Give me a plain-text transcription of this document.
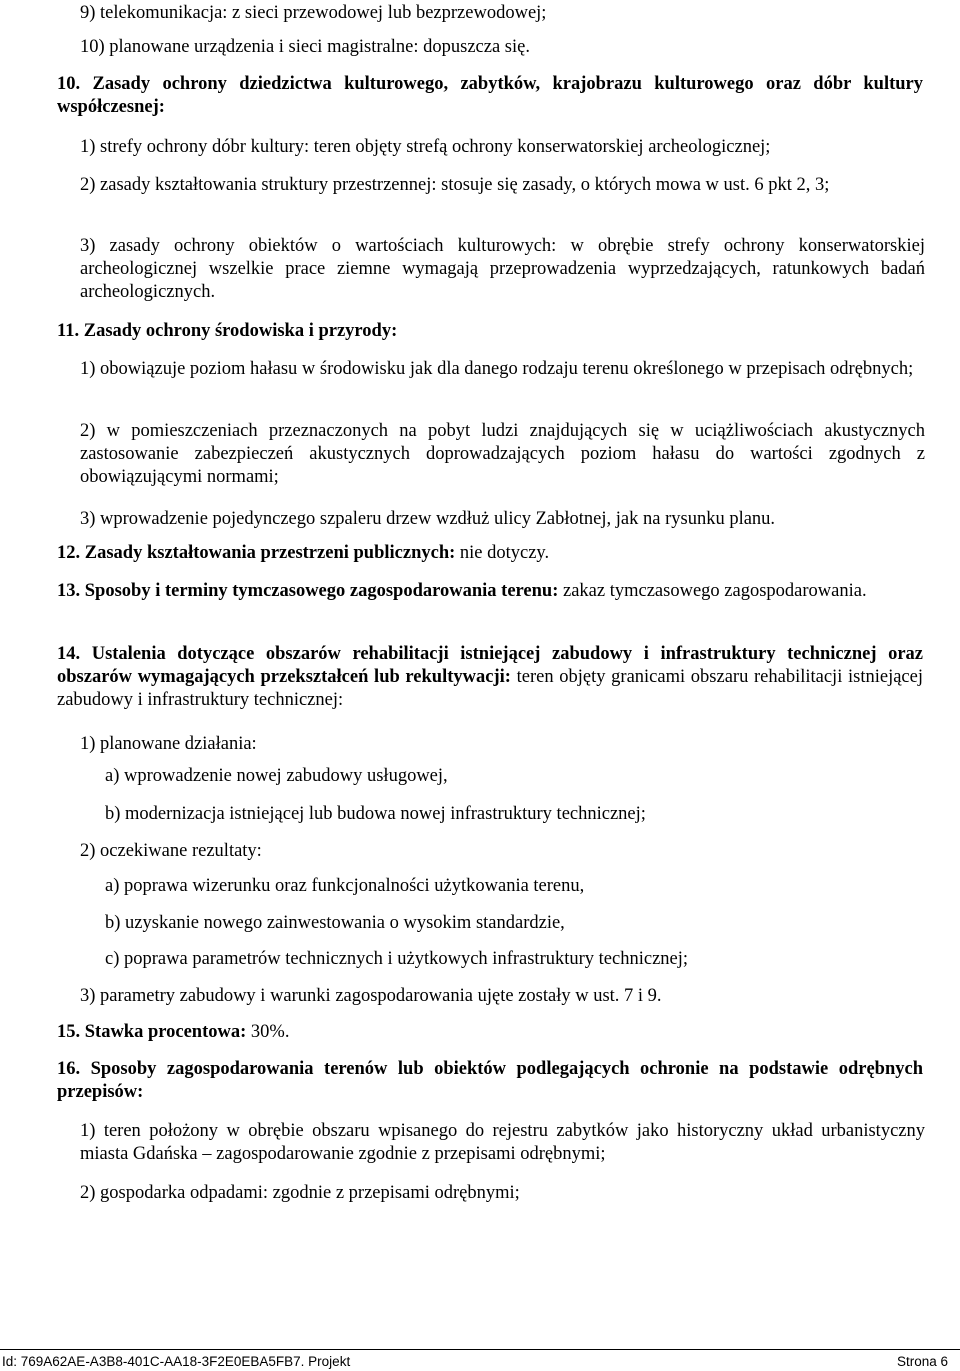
9) telekomunikacja: z sieci przewodowej lub bezprzewodowej;

10) planowane urządzenia i sieci magistralne: dopuszcza się.

10. Zasady ochrony dziedzictwa kulturowego, zabytków, krajobrazu kulturowego oraz dóbr kultury współczesnej:

1) strefy ochrony dóbr kultury: teren objęty strefą ochrony konserwatorskiej archeologicznej;

2) zasady kształtowania struktury przestrzennej: stosuje się zasady, o których mowa w ust. 6 pkt 2, 3;

3) zasady ochrony obiektów o wartościach kulturowych: w obrębie strefy ochrony konserwatorskiej archeologicznej wszelkie prace ziemne wymagają przeprowadzenia wyprzedzających, ratunkowych badań archeologicznych.

11. Zasady ochrony środowiska i przyrody:

1) obowiązuje poziom hałasu w środowisku jak dla danego rodzaju terenu określonego w przepisach odrębnych;

2) w pomieszczeniach przeznaczonych na pobyt ludzi znajdujących się w uciążliwościach akustycznych zastosowanie zabezpieczeń akustycznych doprowadzających poziom hałasu do wartości zgodnych z obowiązującymi normami;

3) wprowadzenie pojedynczego szpaleru drzew wzdłuż ulicy Zabłotnej, jak na rysunku planu.

12. Zasady kształtowania przestrzeni publicznych: nie dotyczy.
13. Sposoby i terminy tymczasowego zagospodarowania terenu: zakaz tymczasowego zagospodarowania.
14. Ustalenia dotyczące obszarów rehabilitacji istniejącej zabudowy i infrastruktury technicznej oraz obszarów wymagających przekształceń lub rekultywacji: teren objęty granicami obszaru rehabilitacji istniejącej zabudowy i infrastruktury technicznej:

1) planowane działania:

a) wprowadzenie nowej zabudowy usługowej,

b) modernizacja istniejącej lub budowa nowej infrastruktury technicznej;

2) oczekiwane rezultaty:

a) poprawa wizerunku oraz funkcjonalności użytkowania terenu,

b) uzyskanie nowego zainwestowania o wysokim standardzie,

c) poprawa parametrów technicznych i użytkowych infrastruktury technicznej;

3) parametry zabudowy i warunki zagospodarowania ujęte zostały w ust. 7 i 9.

15. Stawka procentowa: 30%.
16. Sposoby zagospodarowania terenów lub obiektów podlegających ochronie na podstawie odrębnych przepisów:

1) teren położony w obrębie obszaru wpisanego do rejestru zabytków jako historyczny układ urbanistyczny miasta Gdańska – zagospodarowanie zgodnie z przepisami odrębnymi;

2) gospodarka odpadami: zgodnie z przepisami odrębnymi;

Id: 769A62AE-A3B8-401C-AA18-3F2E0EBA5FB7. Projekt	Strona 6
